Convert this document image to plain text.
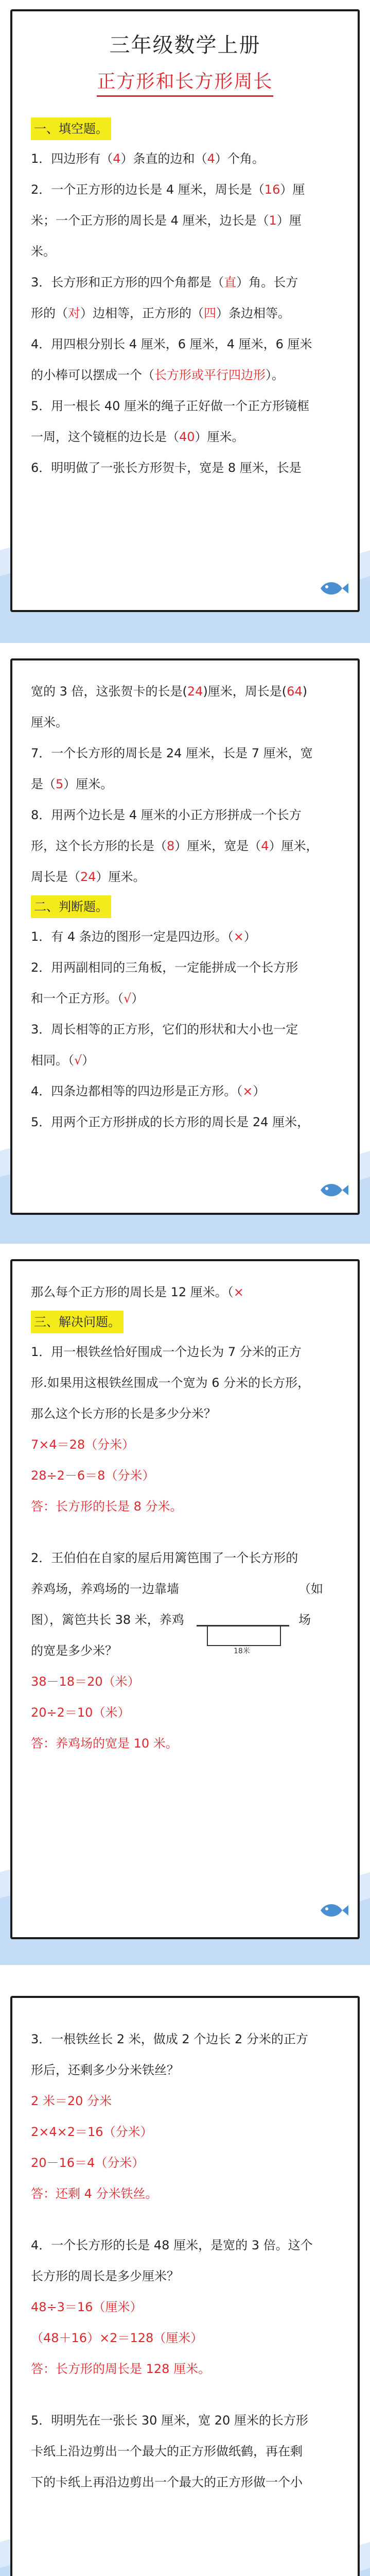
三年级数学上册
正方形和长方形周长
一、填空题。
1．四边形有（4）条直的边和（4）个角。
2．一个正方形的边长是 4 厘米，周长是（16）厘
米；一个正方形的周长是 4 厘米，边长是（1）厘
米。
3．长方形和正方形的四个角都是（直）角。长方
形的（对）边相等，正方形的（四）条边相等。
4．用四根分别长 4 厘米，6 厘米，4 厘米，6 厘米
的小棒可以摆成一个（长方形或平行四边形）。
5．用一根长 40 厘米的绳子正好做一个正方形镜框
一周，这个镜框的边长是（40）厘米。
6．明明做了一张长方形贺卡，宽是 8 厘米，长是
宽的 3 倍，这张贺卡的长是(24)厘米，周长是(64)
厘米。
7．一个长方形的周长是 24 厘米，长是 7 厘米，宽
是（5）厘米。
8．用两个边长是 4 厘米的小正方形拼成一个长方
形，这个长方形的长是（8）厘米，宽是（4）厘米，
周长是（24）厘米。
二、判断题。
1．有 4 条边的图形一定是四边形。（×）
2．用两副相同的三角板，一定能拼成一个长方形
和一个正方形。（√）
3．周长相等的正方形，它们的形状和大小也一定
相同。（√）
4．四条边都相等的四边形是正方形。（×）
5．用两个正方形拼成的长方形的周长是 24 厘米，
那么每个正方形的周长是 12 厘米。（×
三、解决问题。
1．用一根铁丝恰好围成一个边长为 7 分米的正方
形.如果用这根铁丝围成一个宽为 6 分米的长方形，
那么这个长方形的长是多少分米？
7×4＝28（分米）
28÷2－6＝8（分米）
答：长方形的长是 8 分米。
2．王伯伯在自家的屋后用篱笆围了一个长方形的
养鸡场，养鸡场的一边靠墙	（如
图），篱笆共长 38 米，养鸡	场
的宽是多少米？
38－18＝20（米）
20÷2＝10（米）
答：养鸡场的宽是 10 米。
18米
3．一根铁丝长 2 米，做成 2 个边长 2 分米的正方
形后，还剩多少分米铁丝？
2 米＝20 分米
2×4×2＝16（分米）
20－16＝4（分米）
答：还剩 4 分米铁丝。
4．一个长方形的长是 48 厘米，是宽的 3 倍。这个
长方形的周长是多少厘米？
48÷3＝16（厘米）
（48＋16）×2＝128（厘米）
答：长方形的周长是 128 厘米。
5．明明先在一张长 30 厘米，宽 20 厘米的长方形
卡纸上沿边剪出一个最大的正方形做纸鹤，再在剩
下的卡纸上再沿边剪出一个最大的正方形做一个小
